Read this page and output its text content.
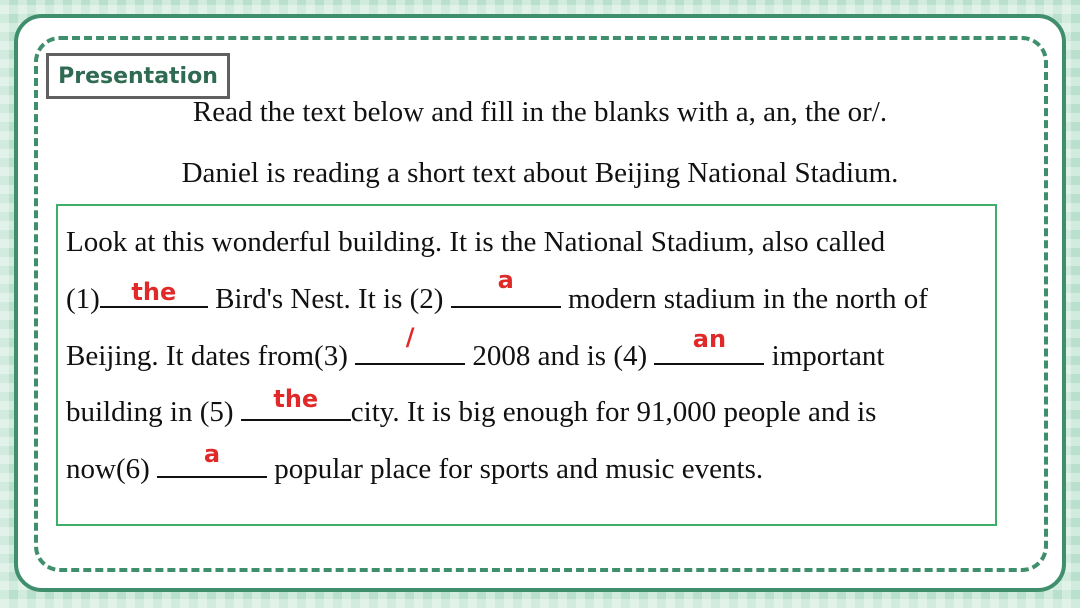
Presentation
Read the text below and fill in the blanks with a, an, the or/.
Daniel is reading a short text about Beijing National Stadium.
Look at this wonderful building. It is the National Stadium, also called
(1)	the	Bird's Nest. It is (2)
a
modern stadium in the north of
Beijing. It dates from(3)
/
2008 and is (4)
an
important
building in (5)	the	city. It is big enough for 91,000 people and is
now(6)	a	popular place for sports and music events.
